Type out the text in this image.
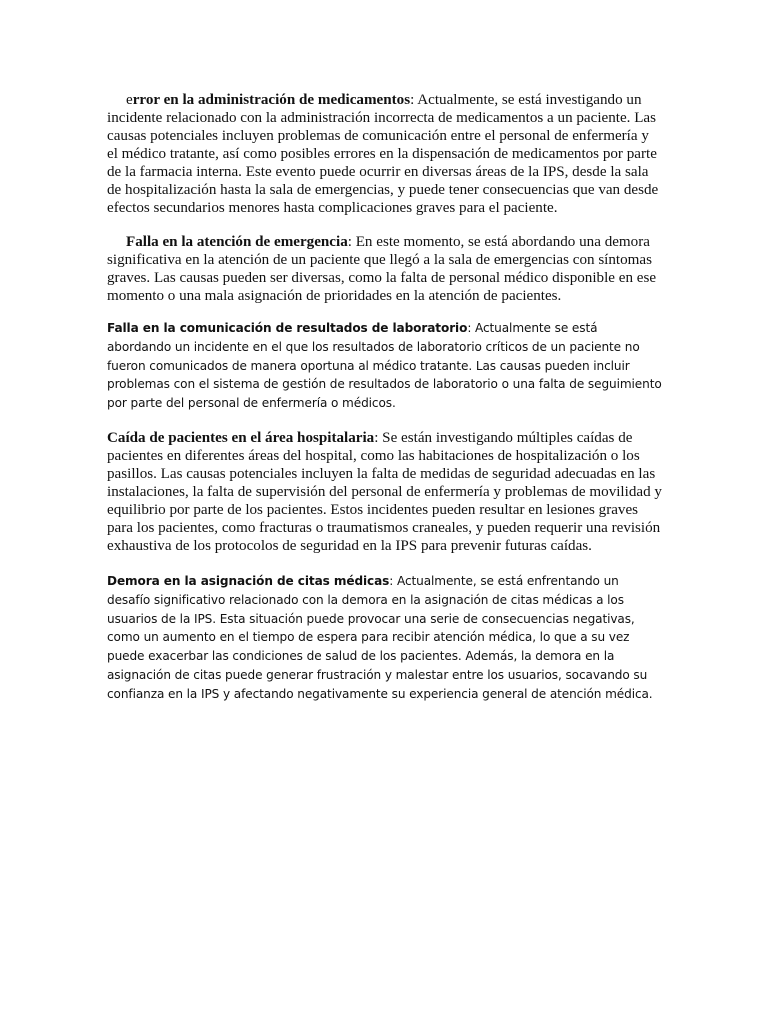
error en la administración de medicamentos: Actualmente, se está investigando un incidente relacionado con la administración incorrecta de medicamentos a un paciente. Las causas potenciales incluyen problemas de comunicación entre el personal de enfermería y el médico tratante, así como posibles errores en la dispensación de medicamentos por parte de la farmacia interna. Este evento puede ocurrir en diversas áreas de la IPS, desde la sala de hospitalización hasta la sala de emergencias, y puede tener consecuencias que van desde efectos secundarios menores hasta complicaciones graves para el paciente.

Falla en la atención de emergencia: En este momento, se está abordando una demora significativa en la atención de un paciente que llegó a la sala de emergencias con síntomas graves. Las causas pueden ser diversas, como la falta de personal médico disponible en ese momento o una mala asignación de prioridades en la atención de pacientes.

Falla en la comunicación de resultados de laboratorio: Actualmente se está abordando un incidente en el que los resultados de laboratorio críticos de un paciente no fueron comunicados de manera oportuna al médico tratante. Las causas pueden incluir problemas con el sistema de gestión de resultados de laboratorio o una falta de seguimiento por parte del personal de enfermería o médicos.

Caída de pacientes en el área hospitalaria: Se están investigando múltiples caídas de pacientes en diferentes áreas del hospital, como las habitaciones de hospitalización o los pasillos. Las causas potenciales incluyen la falta de medidas de seguridad adecuadas en las instalaciones, la falta de supervisión del personal de enfermería y problemas de movilidad y equilibrio por parte de los pacientes. Estos incidentes pueden resultar en lesiones graves para los pacientes, como fracturas o traumatismos craneales, y pueden requerir una revisión exhaustiva de los protocolos de seguridad en la IPS para prevenir futuras caídas.

Demora en la asignación de citas médicas: Actualmente, se está enfrentando un desafío significativo relacionado con la demora en la asignación de citas médicas a los usuarios de la IPS. Esta situación puede provocar una serie de consecuencias negativas, como un aumento en el tiempo de espera para recibir atención médica, lo que a su vez puede exacerbar las condiciones de salud de los pacientes. Además, la demora en la asignación de citas puede generar frustración y malestar entre los usuarios, socavando su confianza en la IPS y afectando negativamente su experiencia general de atención médica.
